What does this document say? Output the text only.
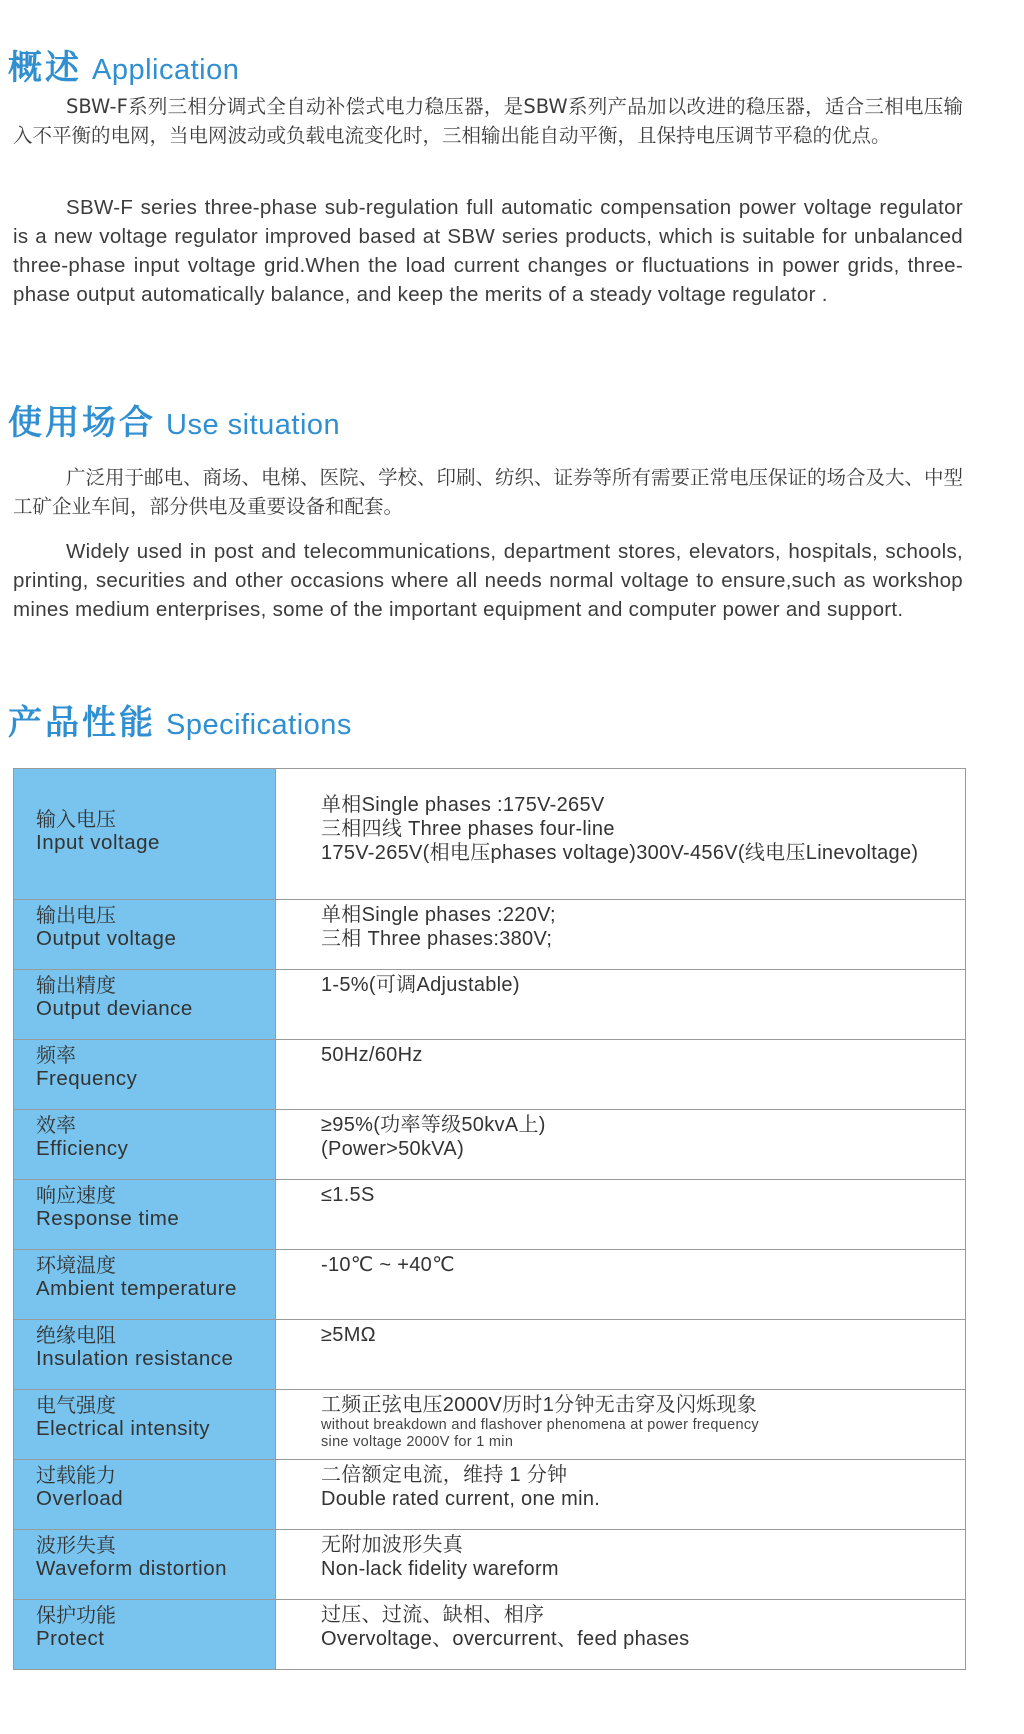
概述 Application

SBW-F系列三相分调式全自动补偿式电力稳压器，是SBW系列产品加以改进的稳压器，适合三相电压输入不平衡的电网，当电网波动或负载电流变化时，三相输出能自动平衡，且保持电压调节平稳的优点。

SBW-F series three-phase sub-regulation full automatic compensation power voltage regulator is a new voltage regulator improved based at SBW series products, which is suitable for unbalanced three-phase input voltage grid.When the load current changes or fluctuations in power grids, three-phase output automatically balance, and keep the merits of a steady voltage regulator .

使用场合 Use situation

广泛用于邮电、商场、电梯、医院、学校、印刷、纺织、证券等所有需要正常电压保证的场合及大、中型工矿企业车间，部分供电及重要设备和配套。

Widely used in post and telecommunications, department stores, elevators, hospitals, schools, printing, securities and other occasions where all needs normal voltage to ensure,such as workshop mines medium enterprises, some of the important equipment and computer power and support.

产品性能 Specifications
输入电压
Input voltage	单相Single phases :175V-265V
三相四线 Three phases four-line
175V-265V(相电压phases voltage)300V-456V(线电压Linevoltage)

输出电压
Output voltage	单相Single phases :220V;
三相 Three phases:380V;

输出精度
Output deviance	1-5%(可调Adjustable)

频率
Frequency	50Hz/60Hz

效率
Efficiency	≥95%(功率等级50kvA上)
(Power>50kVA)

响应速度
Response time	≤1.5S

环境温度
Ambient temperature	-10℃ ~ +40℃

绝缘电阻
Insulation resistance	≥5MΩ

电气强度
Electrical intensity	工频正弦电压2000V历时1分钟无击穿及闪烁现象
without breakdown and flashover phenomena at power frequency
sine voltage 2000V for 1 min

过载能力
Overload	二倍额定电流，维持 1 分钟
Double rated current, one min.

波形失真
Waveform distortion	无附加波形失真
Non-lack fidelity wareform

保护功能
Protect	过压、过流、缺相、相序
Overvoltage、overcurrent、feed phases
